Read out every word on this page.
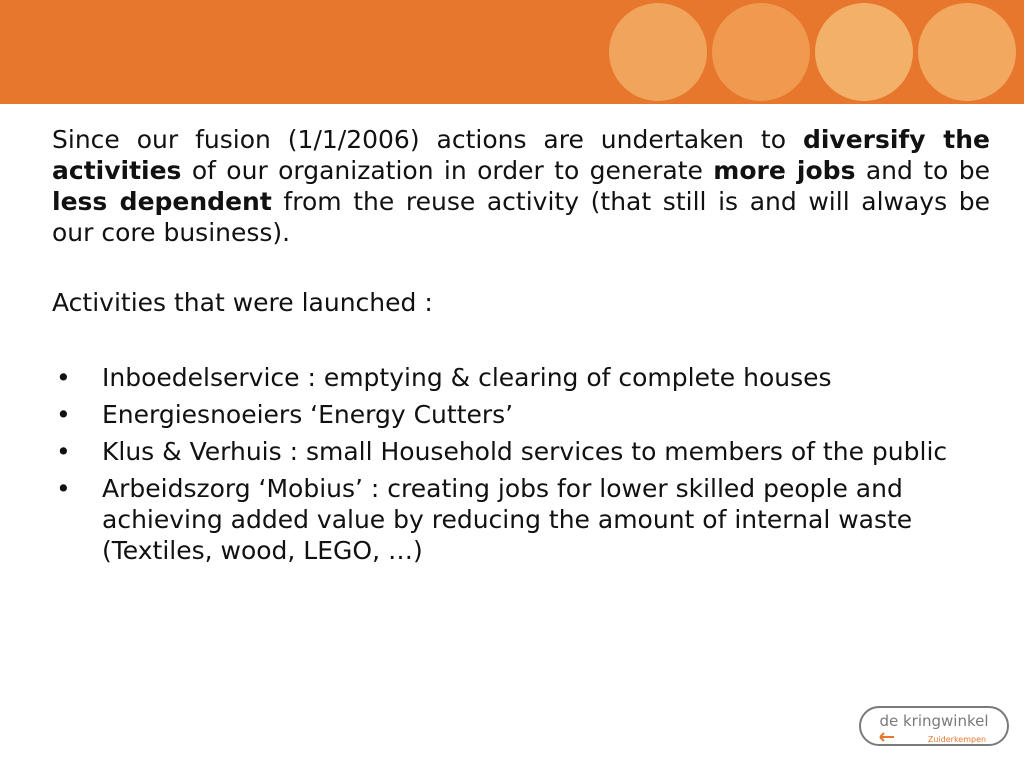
Since our fusion (1/1/2006) actions are undertaken to diversify the activities of our organization in order to generate more jobs and to be less dependent from the reuse activity (that still is and will always be our core business).

Activities that were launched :

• Inboedelservice : emptying & clearing of complete houses
• Energiesnoeiers ‘Energy Cutters’
• Klus & Verhuis : small Household services to members of the public
• Arbeidszorg ‘Mobius’ : creating jobs for lower skilled people and achieving added value by reducing the amount of internal waste (Textiles, wood, LEGO, …)
de kringwinkel
Zuiderkempen
